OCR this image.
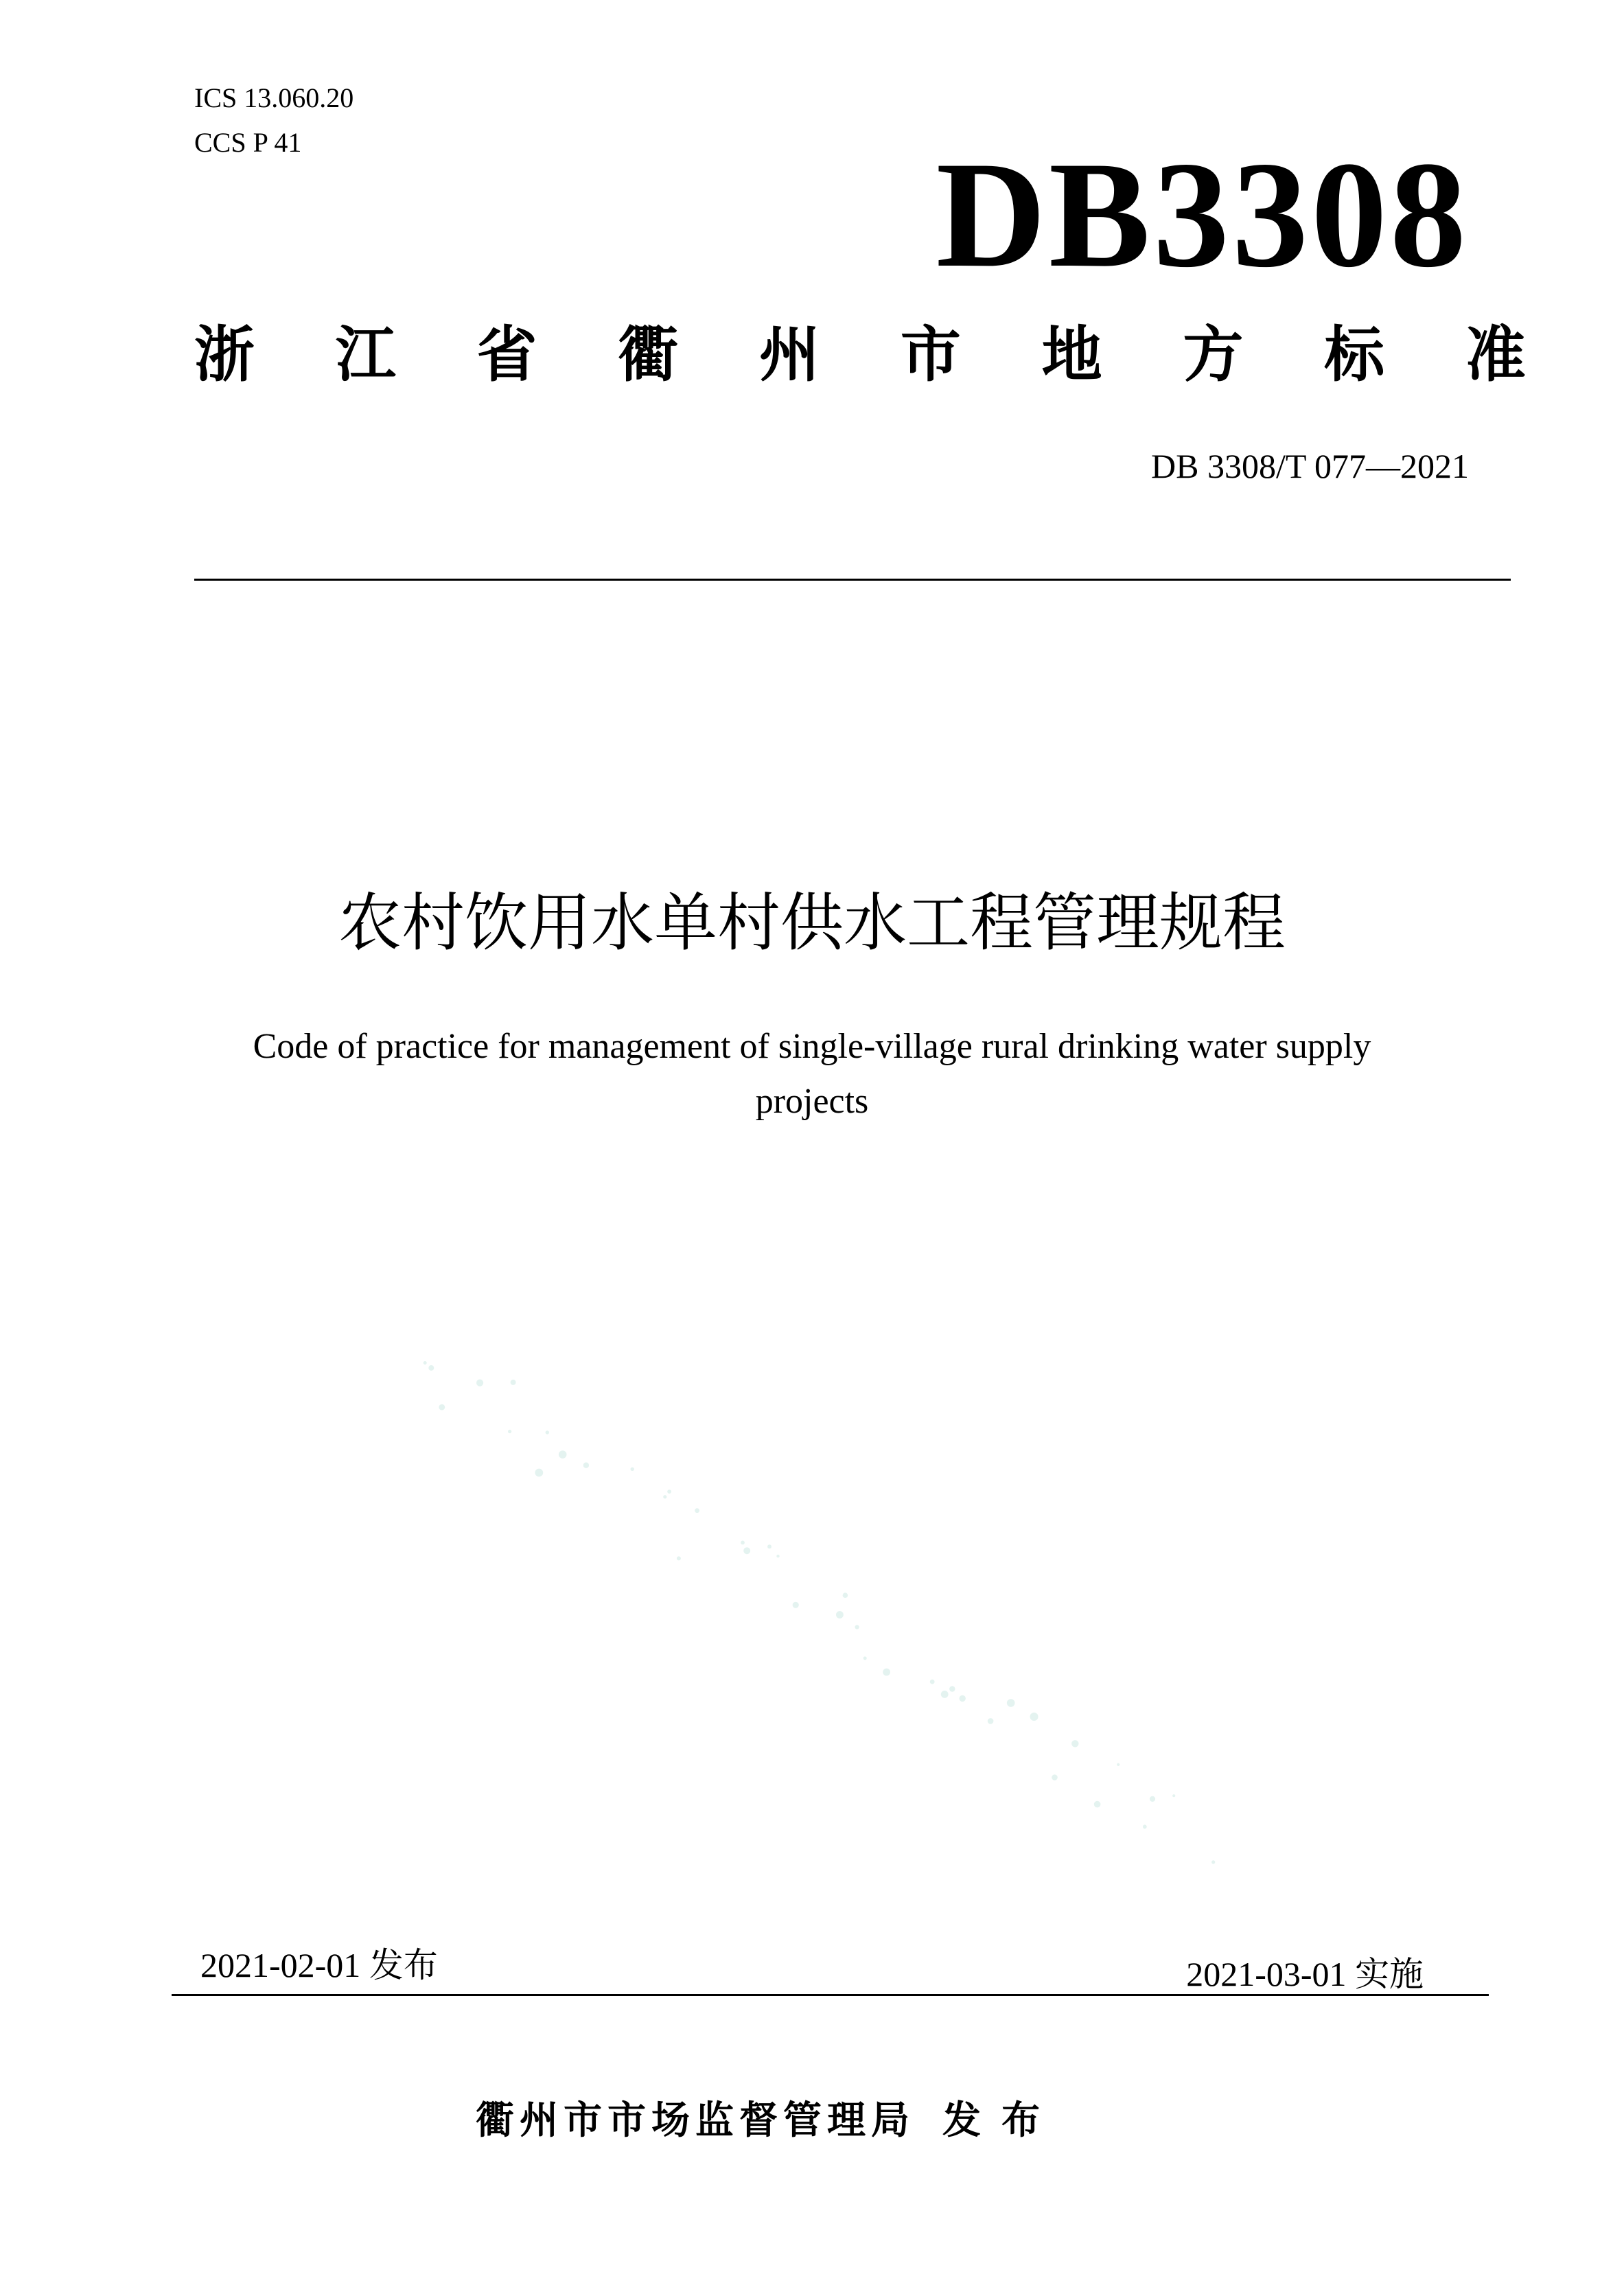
ICS 13.060.20
CCS P 41	DB3308
浙 江 省 衢 州 市 地 方 标 准
DB 3308/T 077—2021
农村饮用水单村供水工程管理规程
Code of practice for management of single-village rural drinking water supply
projects
2021-02-01 发布	2021-03-01 实施
衢州市市场监督管理局 发布
